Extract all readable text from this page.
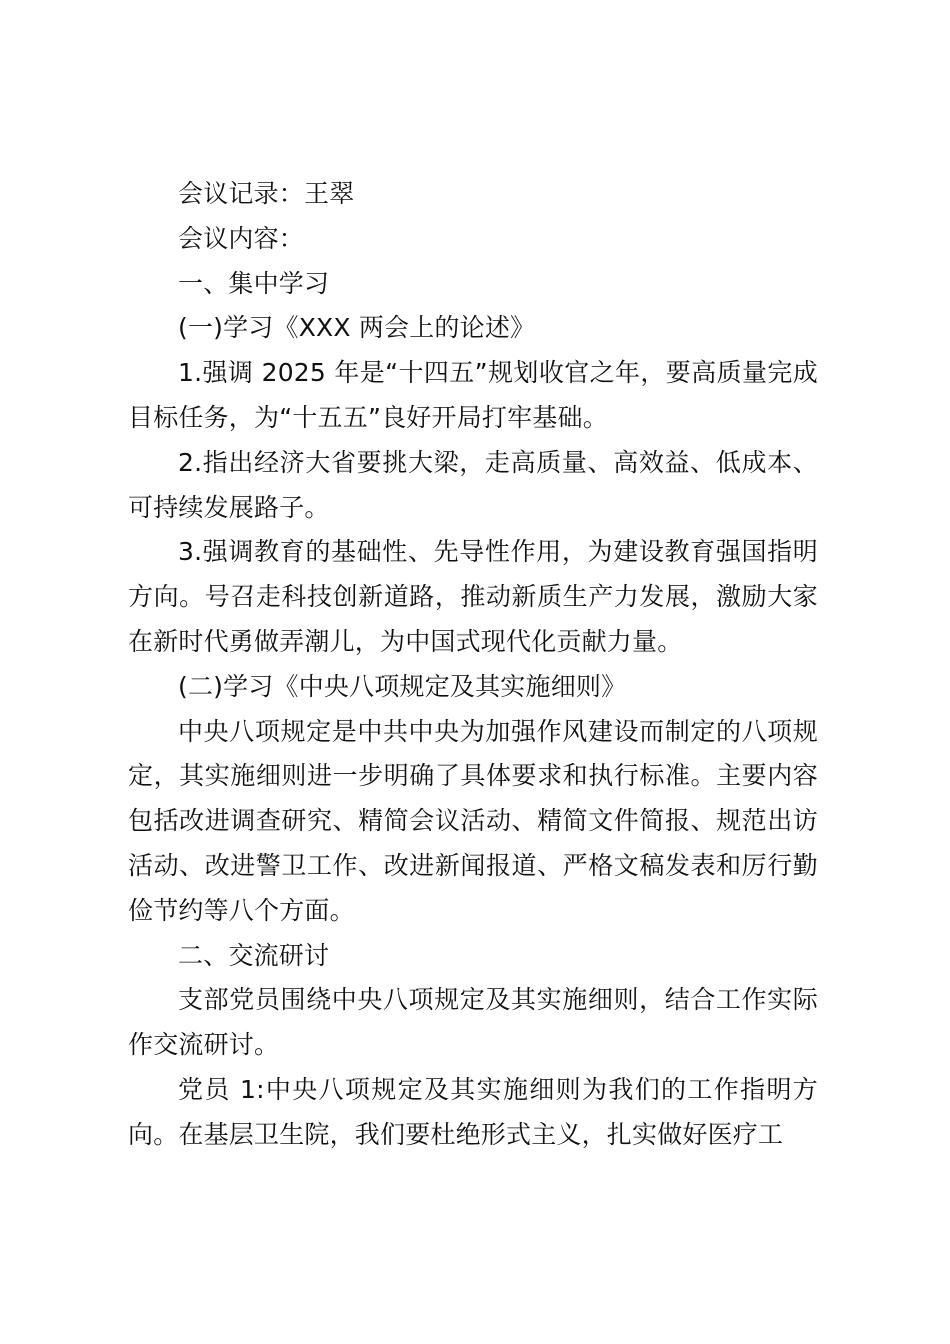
会议记录：王翠

会议内容：

一、集中学习

(一)学习《XXX 两会上的论述》

1.强调 2025 年是“十四五”规划收官之年，要高质量完成目标任务，为“十五五”良好开局打牢基础。

2.指出经济大省要挑大梁，走高质量、高效益、低成本、可持续发展路子。

3.强调教育的基础性、先导性作用，为建设教育强国指明方向。号召走科技创新道路，推动新质生产力发展，激励大家在新时代勇做弄潮儿，为中国式现代化贡献力量。

(二)学习《中央八项规定及其实施细则》

中央八项规定是中共中央为加强作风建设而制定的八项规定，其实施细则进一步明确了具体要求和执行标准。主要内容包括改进调查研究、精简会议活动、精简文件简报、规范出访活动、改进警卫工作、改进新闻报道、严格文稿发表和厉行勤俭节约等八个方面。

二、交流研讨

支部党员围绕中央八项规定及其实施细则，结合工作实际作交流研讨。

党员 1:中央八项规定及其实施细则为我们的工作指明方向。在基层卫生院，我们要杜绝形式主义，扎实做好医疗工
